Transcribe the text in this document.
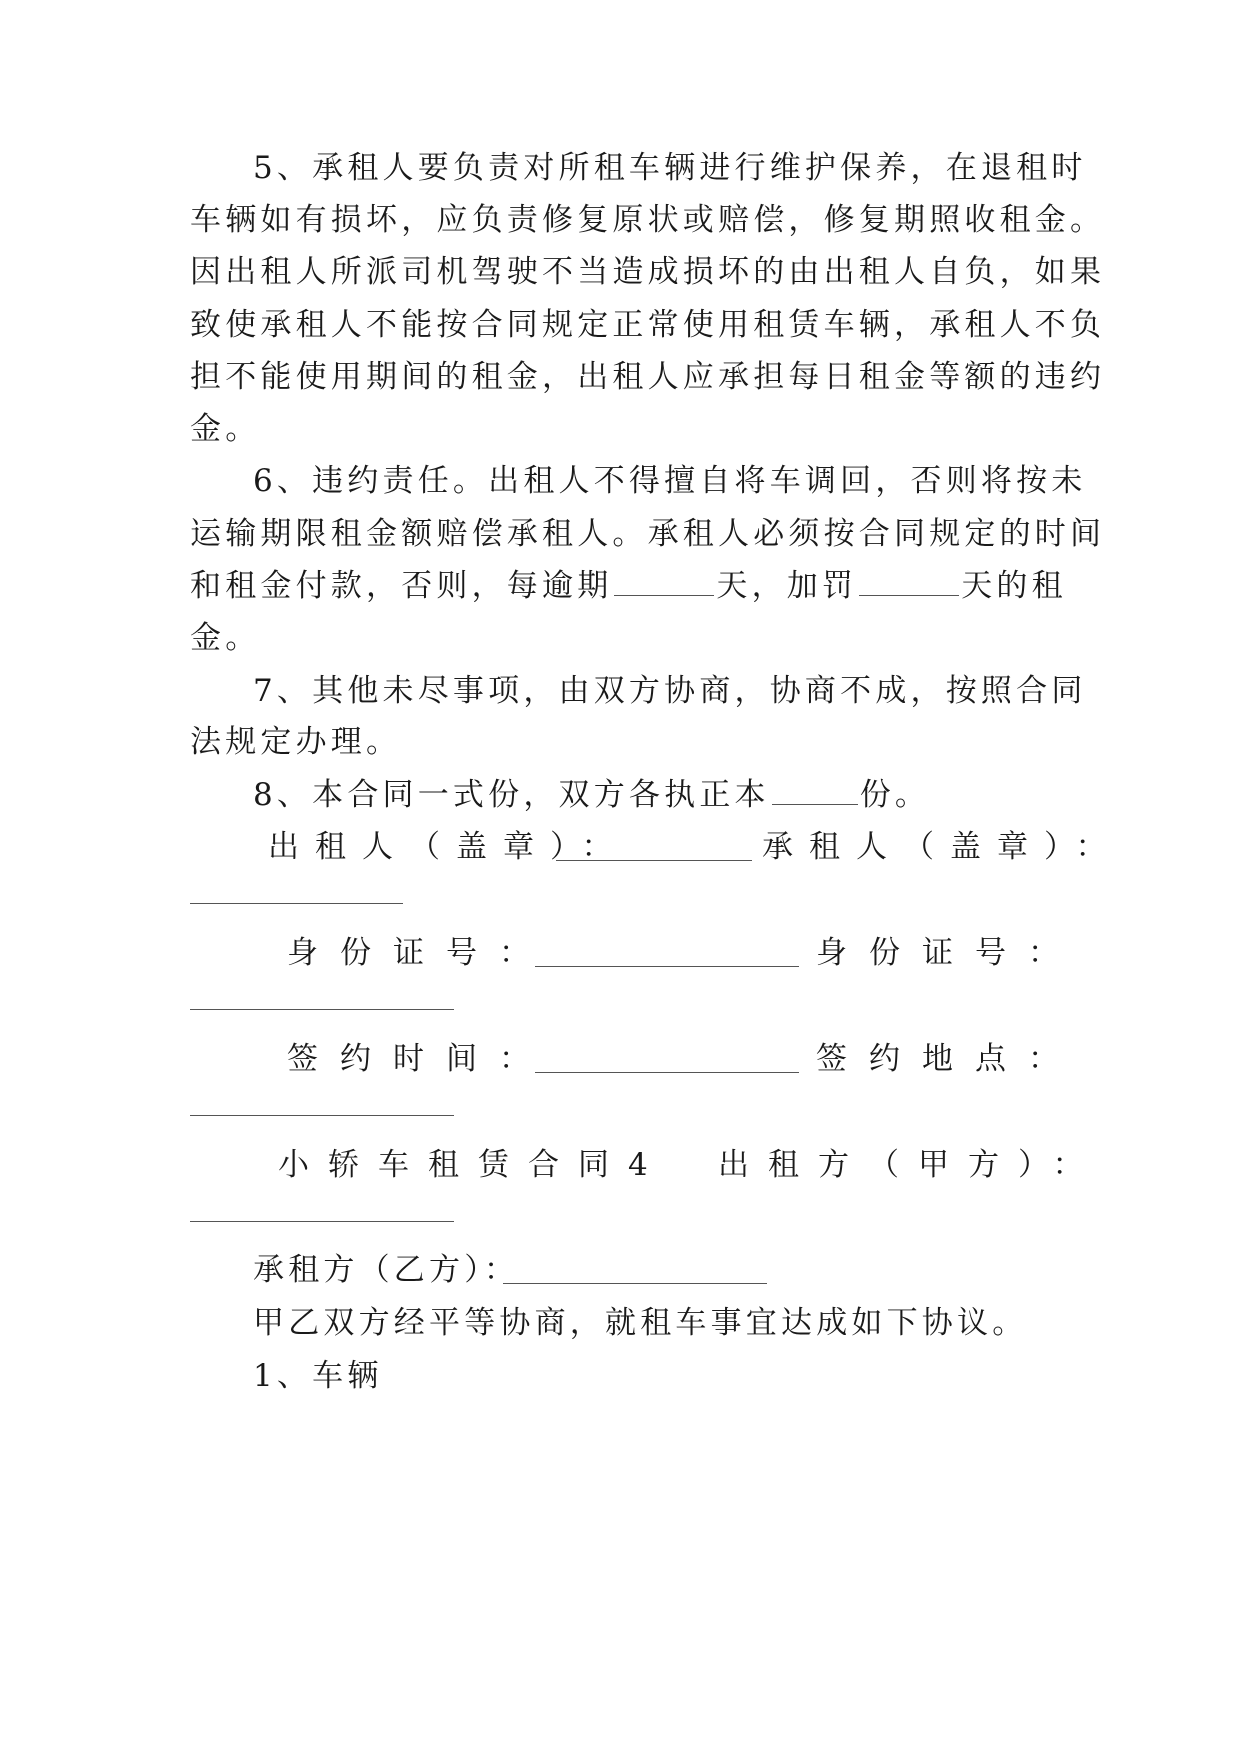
5、承租人要负责对所租车辆进行维护保养，在退租时
车辆如有损坏，应负责修复原状或赔偿，修复期照收租金。
因出租人所派司机驾驶不当造成损坏的由出租人自负，如果
致使承租人不能按合同规定正常使用租赁车辆，承租人不负
担不能使用期间的租金，出租人应承担每日租金等额的违约
金。
6、违约责任。出租人不得擅自将车调回，否则将按未
运输期限租金额赔偿承租人。承租人必须按合同规定的时间
和租金付款，否则，每逾期	天，加罚	天的租
金。
7、其他未尽事项，由双方协商，协商不成，按照合同
法规定办理。
8、本合同一式份，双方各执正本	份。
出租人（盖章）：	承租人（盖章）：
身份证号：	身份证号：
签约时间：	签约地点：
小轿车租赁合同4	出租方（甲方）：
承租方（乙方）：
甲乙双方经平等协商，就租车事宜达成如下协议。
1、车辆
